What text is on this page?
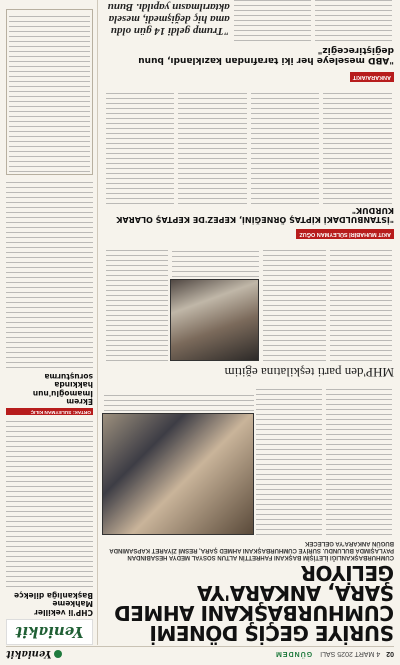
02
4 MART 2025 SALI
GÜNDEM
Yeniakit
SURİYE GEÇİŞ DÖNEMİ CUMHURBAŞKANI AHMED ŞARA, ANKARA'YA GELİYOR
CUMHURBAŞKANLIĞI İLETİŞİM BAŞKANI FAHRETTİN ALTUN SOSYAL MEDYA HESABINDAN PAYLAŞIMDA BULUNDU. SURİYE CUMHURBAŞKANI AHMED ŞARA, RESMİ ZİYARET KAPSAMINDA BUGÜN ANKARA'YA GELECEK
MHP'den parti teşkilatına eğitim
AKIT MUHABİRİ SÜLEYMAN OĞUZ
"İSTANBULDAKİ KİPTAŞ ÖRNEĞİNİ, KEPEZ'DE KEPTAŞ OLARAK KURDUK"
ANKARA/AKIT
"ABD meseleye her iki tarafından kazıklandı, bunu değiştireceğiz"
"Trump geldi 14 gün oldu ama hiç değişmedi, mesela aktarılmasın yapıldı. Bunu
Yeniakit
CHP'li vekiller Mahkeme Başkanlığa dilekçe
ORTAK: SULEYMAN KILIÇ
Ekrem İmamoğlu'nun hakkında soruşturma
